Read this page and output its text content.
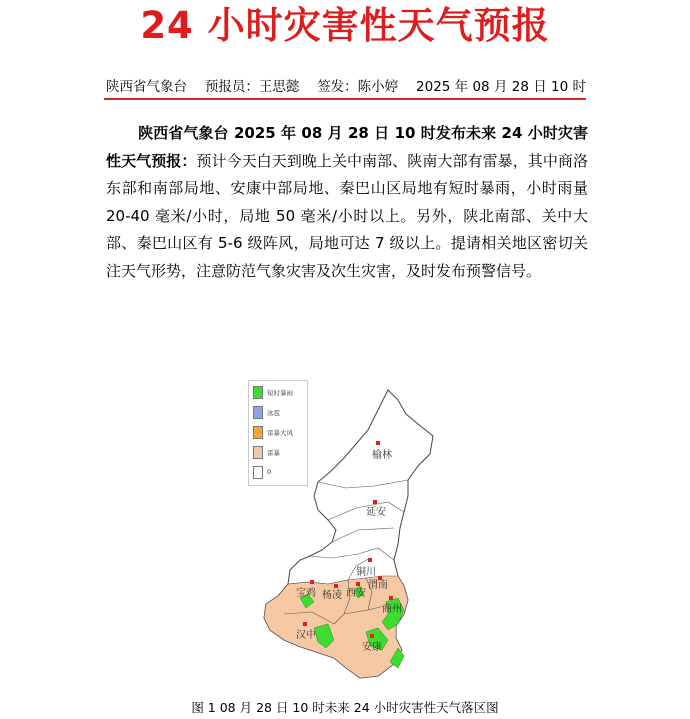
24 小时灾害性天气预报
陕西省气象台 预报员：王思懿 签发：陈小婷 2025 年 08 月 28 日 10 时
陕西省气象台 2025 年 08 月 28 日 10 时发布未来 24 小时灾害性天气预报：预计今天白天到晚上关中南部、陕南大部有雷暴，其中商洛东部和南部局地、安康中部局地、秦巴山区局地有短时暴雨，小时雨量 20-40 毫米/小时，局地 50 毫米/小时以上。另外，陕北南部、关中大部、秦巴山区有 5-6 级阵风，局地可达 7 级以上。提请相关地区密切关注天气形势，注意防范气象灾害及次生灾害，及时发布预警信号。
榆林
延安
铜川
渭南
宝鸡 杨凌 西安
商州
汉中
安康
短时暴雨
冰雹
雷暴大风
雷暴
0
图 1 08 月 28 日 10 时未来 24 小时灾害性天气落区图
